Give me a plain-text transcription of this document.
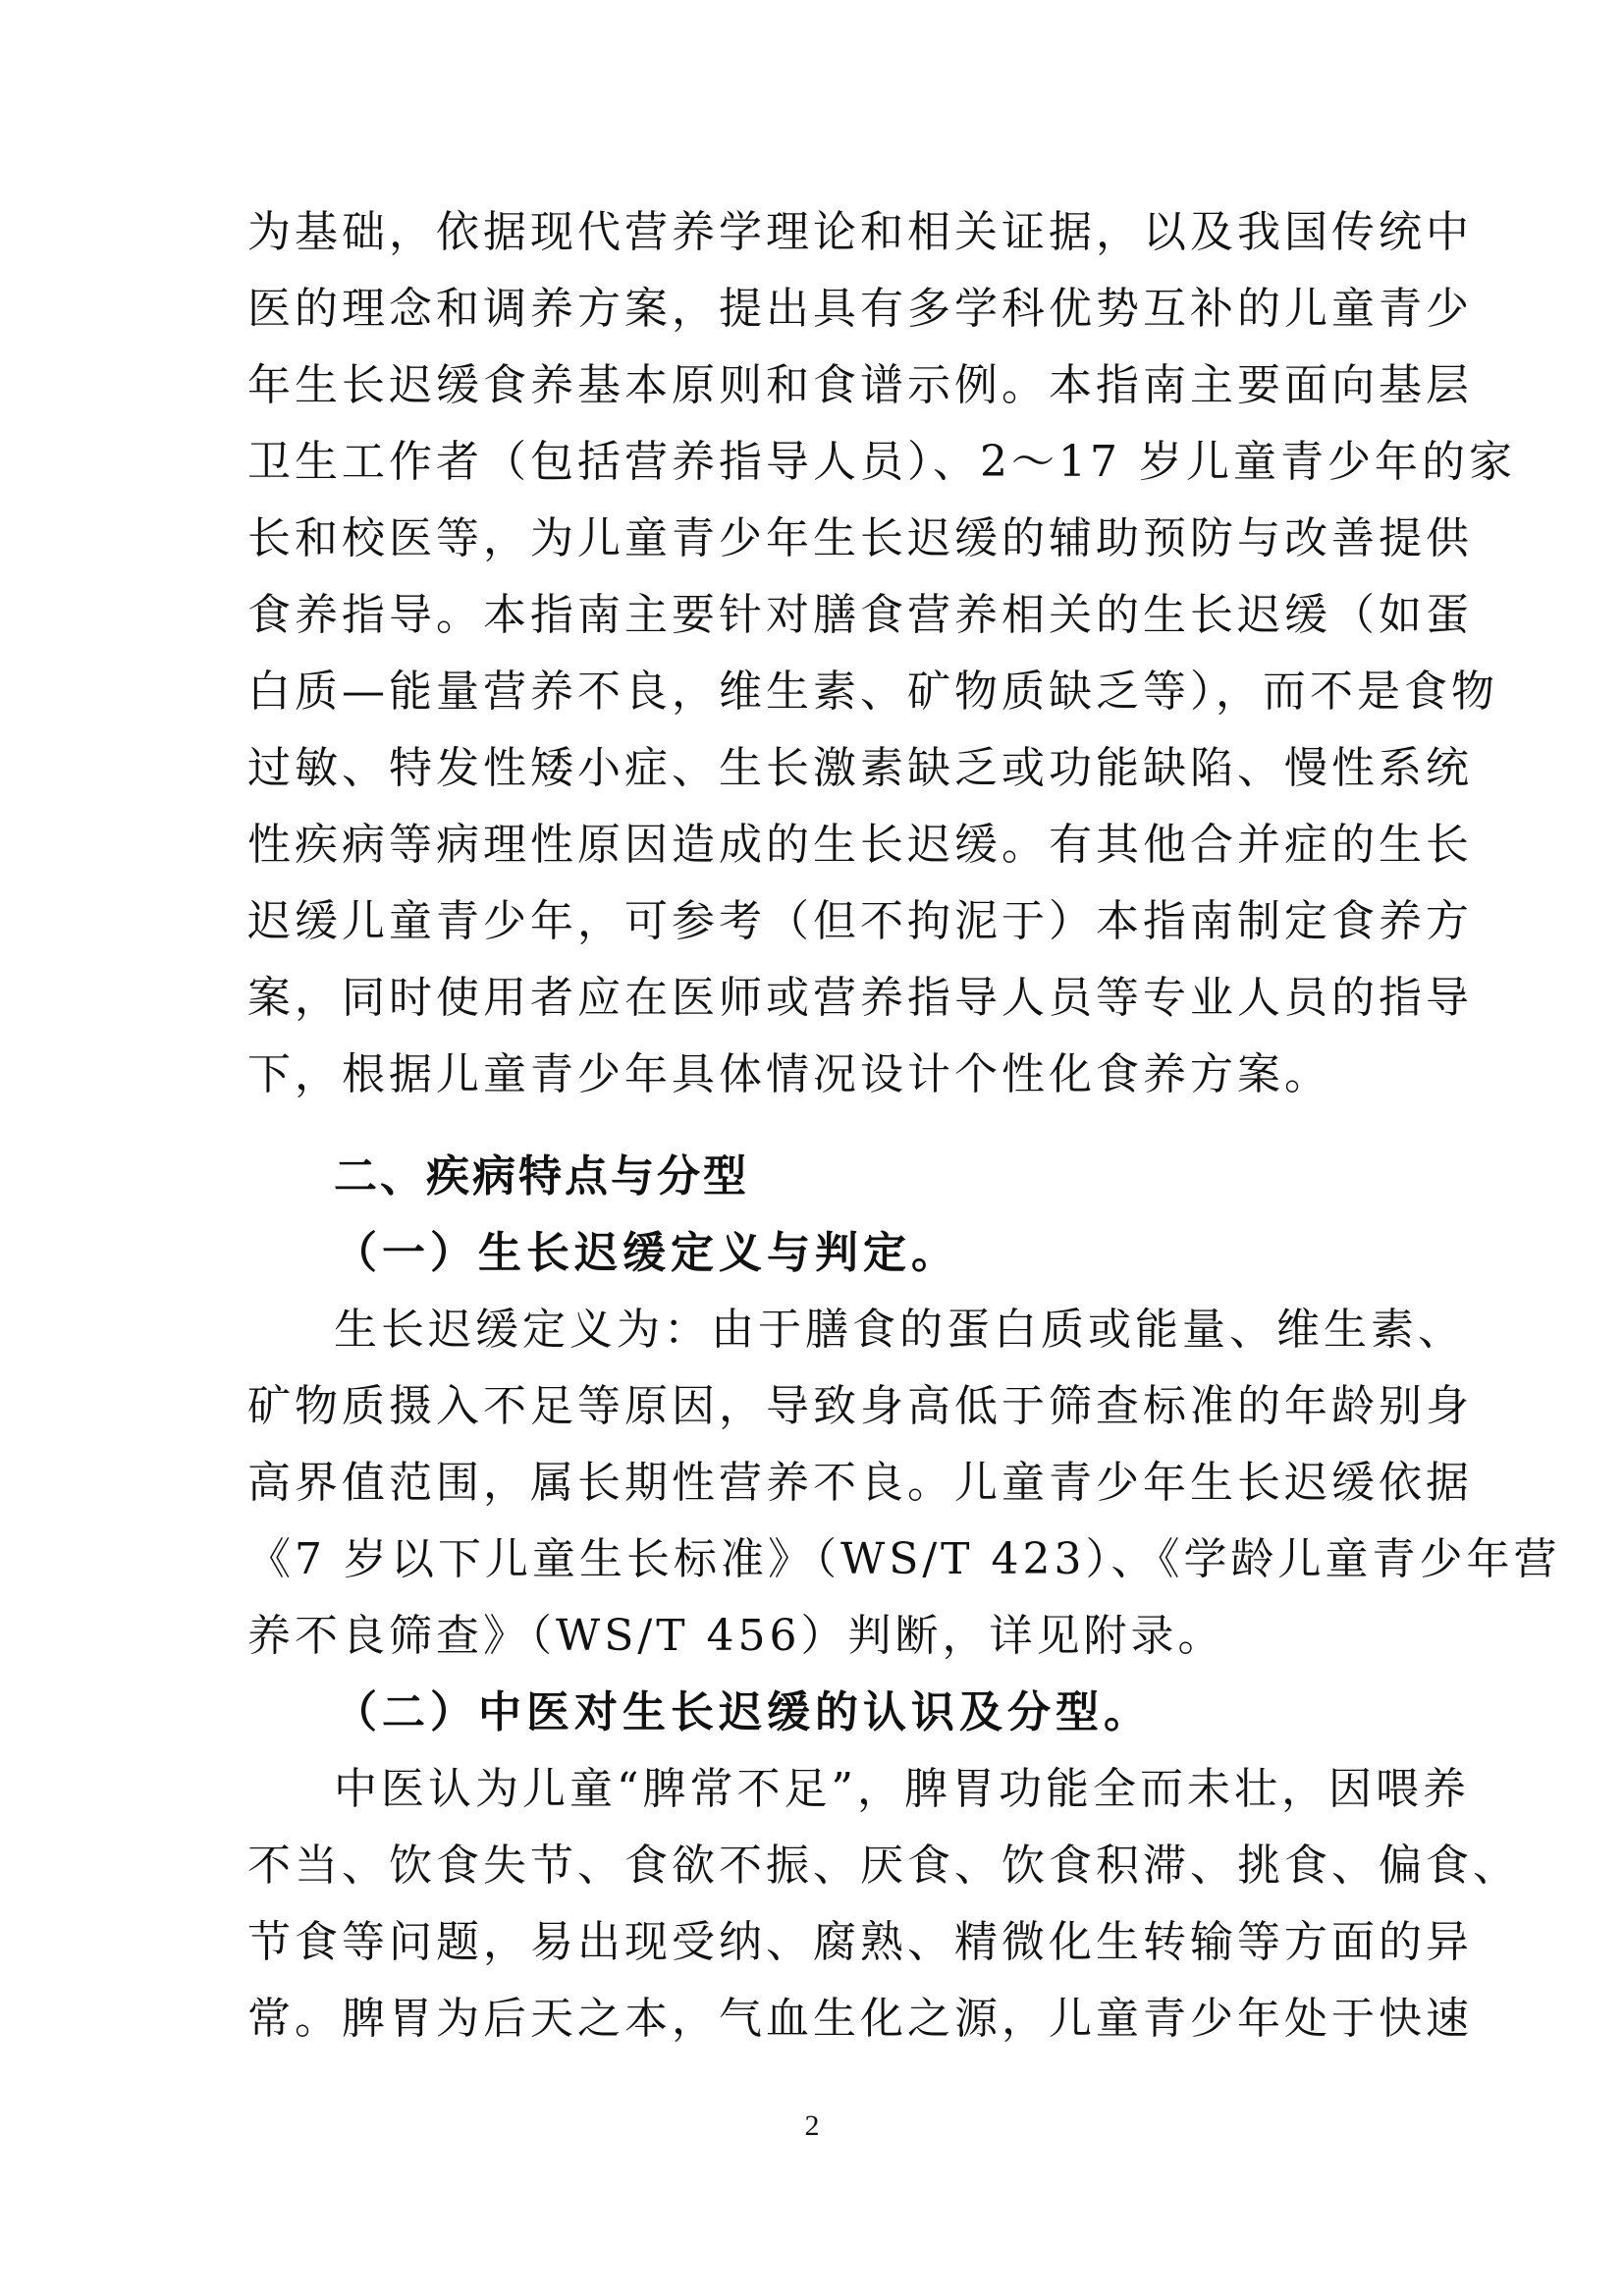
为基础，依据现代营养学理论和相关证据，以及我国传统中
医的理念和调养方案，提出具有多学科优势互补的儿童青少
年生长迟缓食养基本原则和食谱示例。本指南主要面向基层
卫生工作者（包括营养指导人员）、2～17 岁儿童青少年的家
长和校医等，为儿童青少年生长迟缓的辅助预防与改善提供
食养指导。本指南主要针对膳食营养相关的生长迟缓（如蛋
白质—能量营养不良，维生素、矿物质缺乏等），而不是食物
过敏、特发性矮小症、生长激素缺乏或功能缺陷、慢性系统
性疾病等病理性原因造成的生长迟缓。有其他合并症的生长
迟缓儿童青少年，可参考（但不拘泥于）本指南制定食养方
案，同时使用者应在医师或营养指导人员等专业人员的指导
下，根据儿童青少年具体情况设计个性化食养方案。
二、疾病特点与分型
（一）生长迟缓定义与判定。
生长迟缓定义为：由于膳食的蛋白质或能量、维生素、
矿物质摄入不足等原因，导致身高低于筛查标准的年龄别身
高界值范围，属长期性营养不良。儿童青少年生长迟缓依据
《7 岁以下儿童生长标准》（WS/T 423）、《学龄儿童青少年营
养不良筛查》（WS/T 456）判断，详见附录。
（二）中医对生长迟缓的认识及分型。
中医认为儿童“脾常不足”，脾胃功能全而未壮，因喂养
不当、饮食失节、食欲不振、厌食、饮食积滞、挑食、偏食、
节食等问题，易出现受纳、腐熟、精微化生转输等方面的异
常。脾胃为后天之本，气血生化之源，儿童青少年处于快速

2
